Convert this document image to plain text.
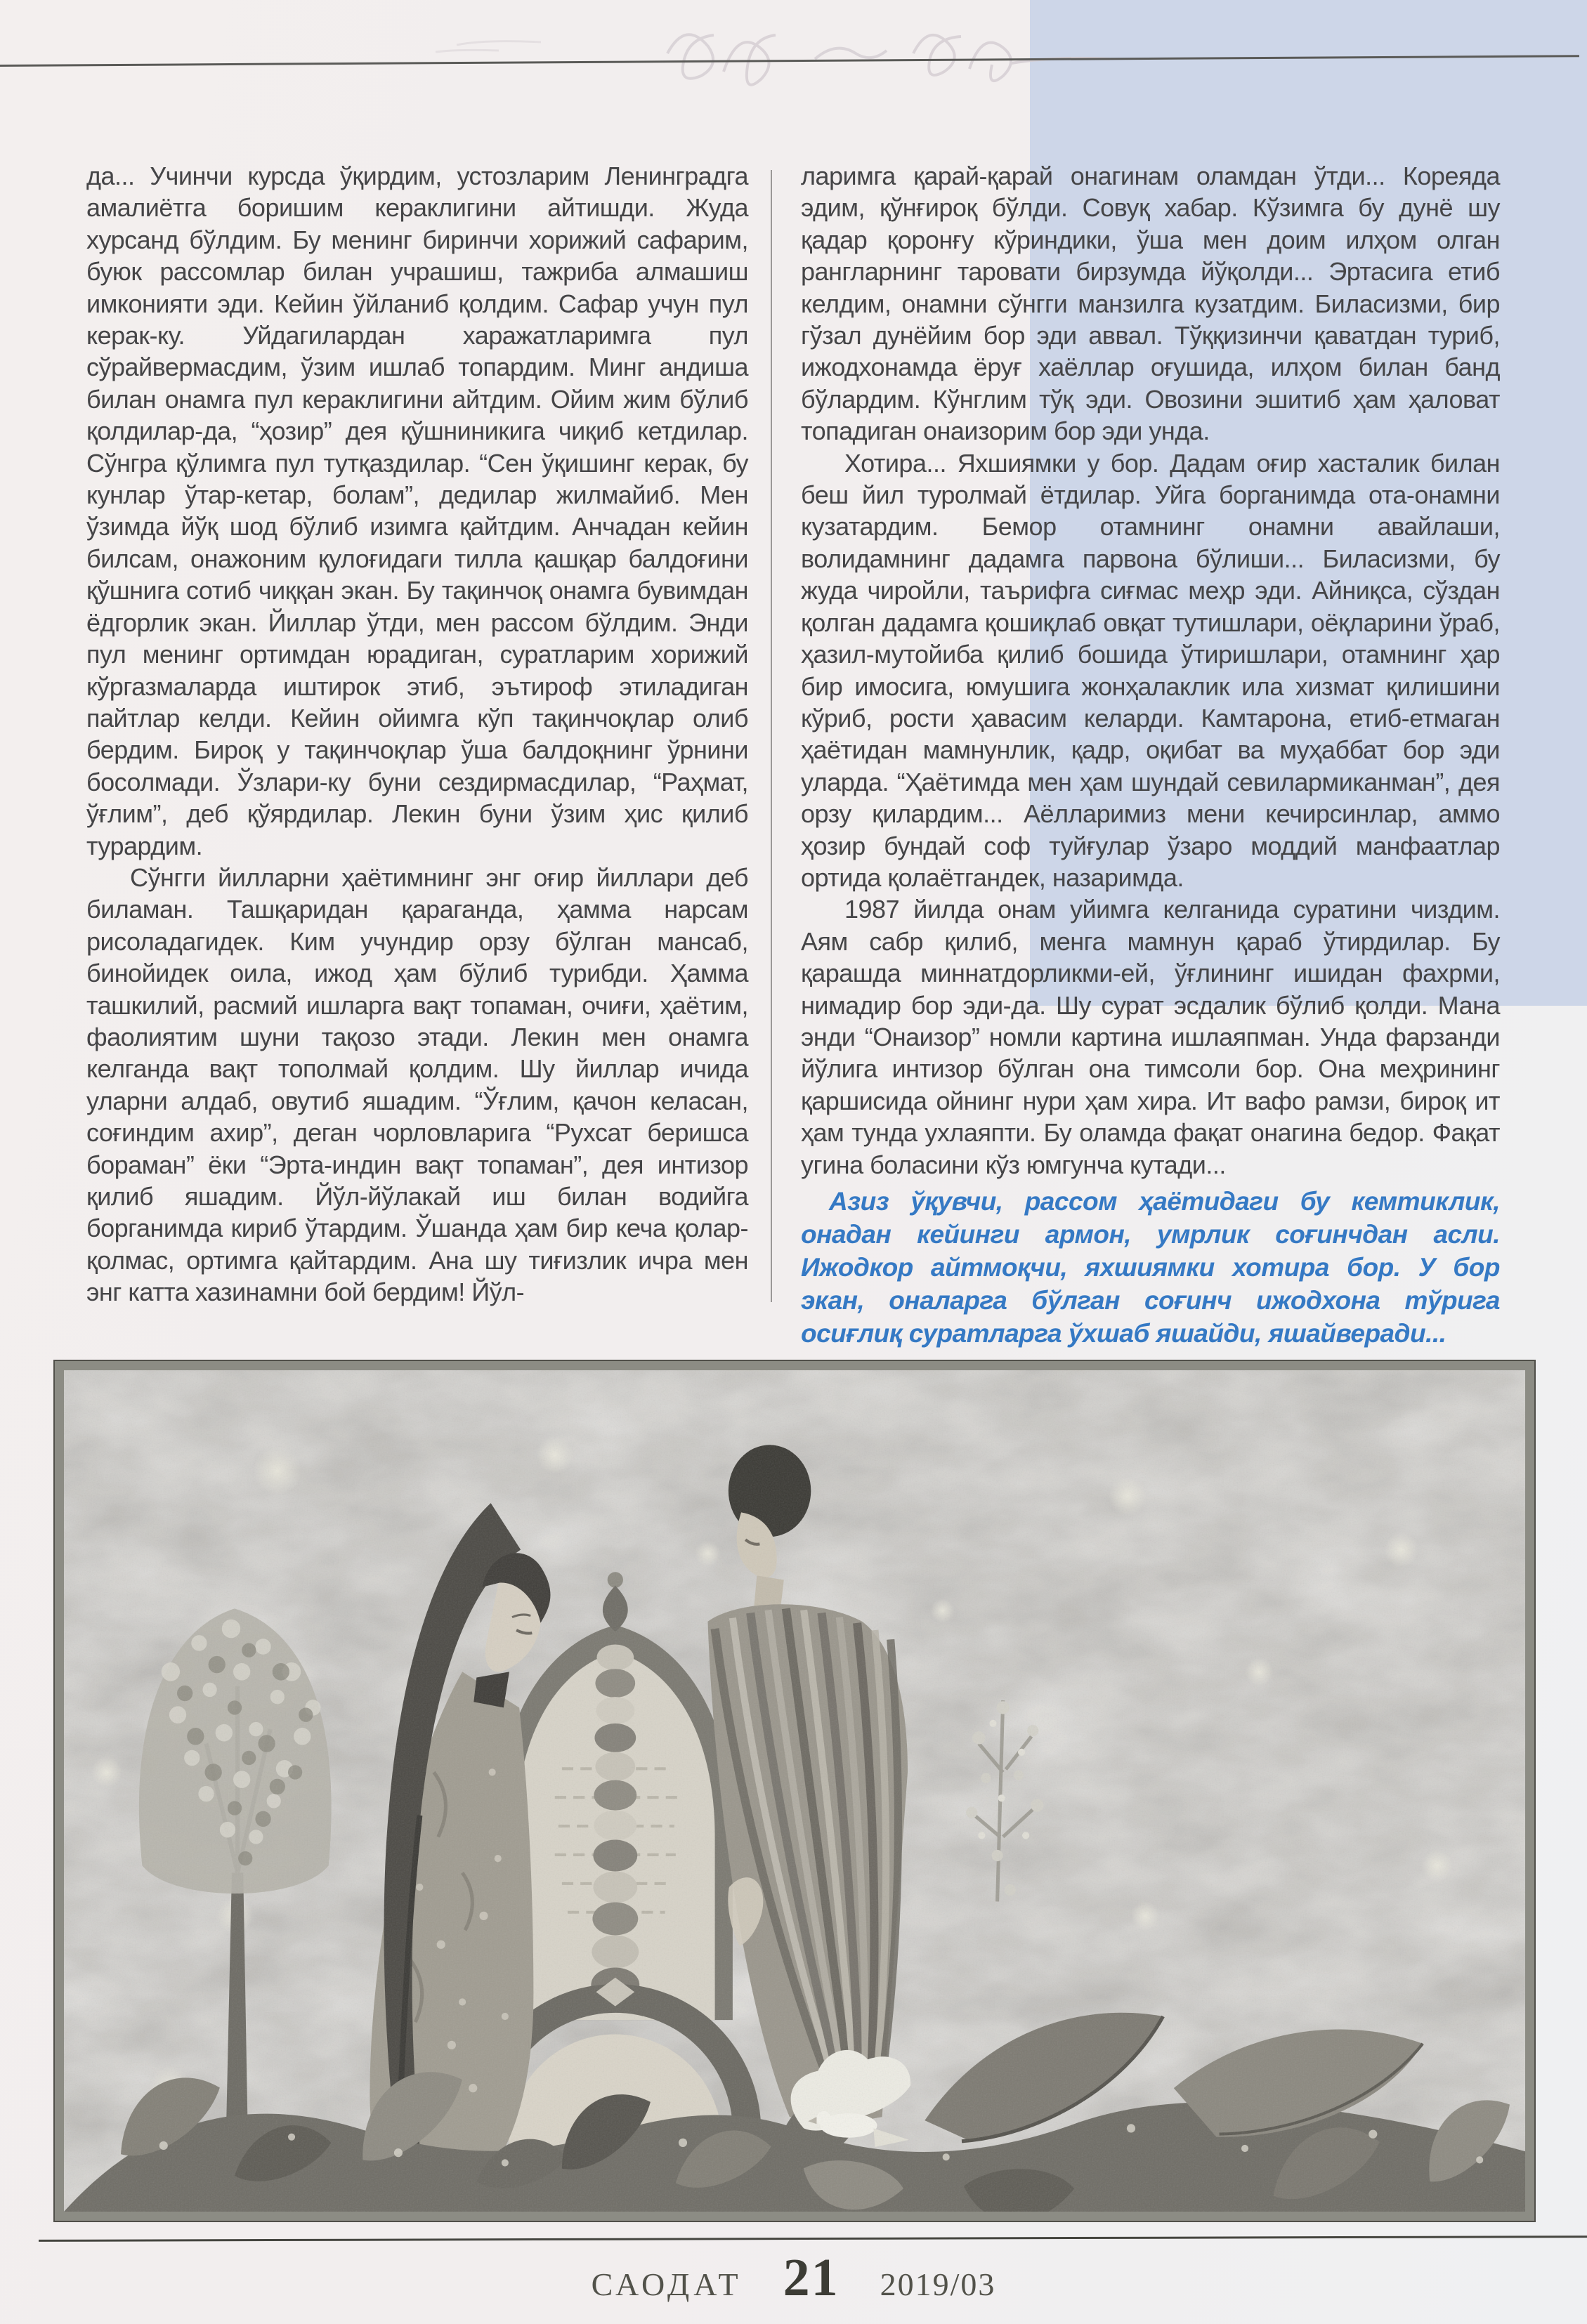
да... Учинчи курсда ўқирдим, устозларим Ленинградга амалиётга боришим кераклигини айтишди. Жуда хурсанд бўлдим. Бу менинг биринчи хорижий сафарим, буюк рассомлар билан учрашиш, тажриба алмашиш имконияти эди. Кейин ўйланиб қолдим. Сафар учун пул керак-ку. Уйдагилардан харажатларимга пул сўрайвермасдим, ўзим ишлаб топардим. Минг андиша билан онамга пул кераклигини айтдим. Ойим жим бўлиб қолдилар-да, “ҳозир” дея қўшниникига чиқиб кетдилар. Сўнгра қўлимга пул тутқаздилар. “Сен ўқишинг керак, бу кунлар ўтар-кетар, болам”, дедилар жилмайиб. Мен ўзимда йўқ шод бўлиб изимга қайтдим. Анчадан кейин билсам, онажоним қулоғидаги тилла қашқар балдоғини қўшнига сотиб чиққан экан. Бу тақинчоқ онамга бувимдан ёдгорлик экан. Йиллар ўтди, мен рассом бўлдим. Энди пул менинг ортимдан юрадиган, суратларим хорижий кўргазмаларда иштирок этиб, эътироф этиладиган пайтлар келди. Кейин ойимга кўп тақинчоқлар олиб бердим. Бироқ у тақинчоқлар ўша балдоқнинг ўрнини босолмади. Ўзлари-ку буни сездирмасдилар, “Раҳмат, ўғлим”, деб қўярдилар. Лекин буни ўзим ҳис қилиб турардим.

Сўнгги йилларни ҳаётимнинг энг оғир йиллари деб биламан. Ташқаридан қараганда, ҳамма нарсам рисоладагидек. Ким учундир орзу бўлган мансаб, бинойидек оила, ижод ҳам бўлиб турибди. Ҳамма ташкилий, расмий ишларга вақт топаман, очиғи, ҳаётим, фаолиятим шуни тақозо этади. Лекин мен онамга келганда вақт тополмай қолдим. Шу йиллар ичида уларни алдаб, овутиб яшадим. “Ўғлим, қачон келасан, соғиндим ахир”, деган чорловларига “Рухсат беришса бораман” ёки “Эрта-индин вақт топаман”, дея интизор қилиб яшадим. Йўл-йўлакай иш билан водийга борганимда кириб ўтардим. Ўшанда ҳам бир кеча қолар-қолмас, ортимга қайтардим. Ана шу тиғизлик ичра мен энг катта хазинамни бой бердим! Йўл-

ларимга қарай-қарай онагинам оламдан ўтди... Кореяда эдим, қўнғироқ бўлди. Совуқ хабар. Кўзимга бу дунё шу қадар қоронғу кўриндики, ўша мен доим илҳом олган рангларнинг таровати бирзумда йўқолди... Эртасига етиб келдим, онамни сўнгги манзилга кузатдим. Биласизми, бир гўзал дунёйим бор эди аввал. Тўққизинчи қаватдан туриб, ижодхонамда ёруғ хаёллар оғушида, илҳом билан банд бўлардим. Кўнглим тўқ эди. Овозини эшитиб ҳам ҳаловат топадиган онаизорим бор эди унда.

Хотира... Яхшиямки у бор. Дадам оғир хасталик билан беш йил туролмай ётдилар. Уйга борганимда ота-онамни кузатардим. Бемор отамнинг онамни авайлаши, волидамнинг дадамга парвона бўлиши... Биласизми, бу жуда чиройли, таърифга сиғмас меҳр эди. Айниқса, сўздан қолган дадамга қошиқлаб овқат тутишлари, оёқларини ўраб, ҳазил-мутойиба қилиб бошида ўтиришлари, отамнинг ҳар бир имосига, юмушига жонҳалаклик ила хизмат қилишини кўриб, рости ҳавасим келарди. Камтарона, етиб-етмаган ҳаётидан мамнунлик, қадр, оқибат ва муҳаббат бор эди уларда. “Ҳаётимда мен ҳам шундай севилармиканман”, дея орзу қилардим... Аёлларимиз мени кечирсинлар, аммо ҳозир бундай соф туйғулар ўзаро моддий манфаатлар ортида қолаётгандек, назаримда.

1987 йилда онам уйимга келганида суратини чиздим. Аям сабр қилиб, менга мамнун қараб ўтирдилар. Бу қарашда миннатдорликми-ей, ўғлининг ишидан фахрми, нимадир бор эди-да. Шу сурат эсдалик бўлиб қолди. Мана энди “Онаизор” номли картина ишлаяпман. Унда фарзанди йўлига интизор бўлган она тимсоли бор. Она меҳрининг қаршисида ойнинг нури ҳам хира. Ит вафо рамзи, бироқ ит ҳам тунда ухлаяпти. Бу оламда фақат онагина бедор. Фақат угина боласини кўз юмгунча кутади...

Азиз ўқувчи, рассом ҳаётидаги бу кемтиклик, онадан кейинги армон, умрлик соғинчдан асли. Ижодкор айтмоқчи, яхшиямки хотира бор. У бор экан, оналарга бўлган соғинч ижодхона тўрига осиғлиқ суратларга ўхшаб яшайди, яшайверади...

САОДАТ 21 2019/03
